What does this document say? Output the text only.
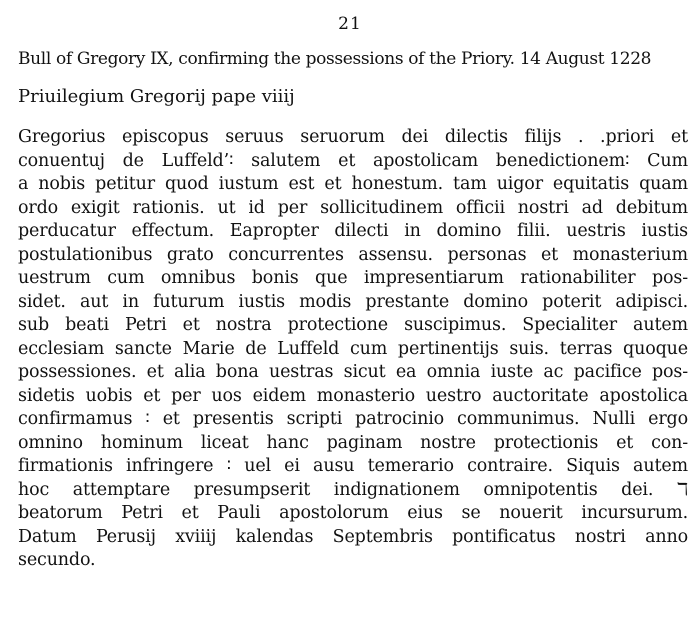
21
Bull of Gregory IX, confirming the possessions of the Priory. 14 August 1228
Priuilegium Gregorij pape viiij
Gregorius episcopus seruus seruorum dei dilectis filijs . .priori et
conuentuj de Luffeld’∶ salutem et apostolicam benedictionem∶ Cum
a nobis petitur quod iustum est et honestum. tam uigor equitatis quam
ordo exigit rationis. ut id per sollicitudinem officii nostri ad debitum
perducatur effectum. Eapropter dilecti in domino filii. uestris iustis
postulationibus grato concurrentes assensu. personas et monasterium
uestrum cum omnibus bonis que impresentiarum rationabiliter pos-
sidet. aut in futurum iustis modis prestante domino poterit adipisci.
sub beati Petri et nostra protectione suscipimus. Specialiter autem
ecclesiam sancte Marie de Luffeld cum pertinentijs suis. terras quoque
possessiones. et alia bona uestras sicut ea omnia iuste ac pacifice pos-
sidetis uobis et per uos eidem monasterio uestro auctoritate apostolica
confirmamus ∶ et presentis scripti patrocinio communimus. Nulli ergo
omnino hominum liceat hanc paginam nostre protectionis et con-
firmationis infringere ∶ uel ei ausu temerario contraire. Siquis autem
hoc attemptare presumpserit indignationem omnipotentis dei. ℸ
beatorum Petri et Pauli apostolorum eius se nouerit incursurum.
Datum Perusij xviiij kalendas Septembris pontificatus nostri anno
secundo.
